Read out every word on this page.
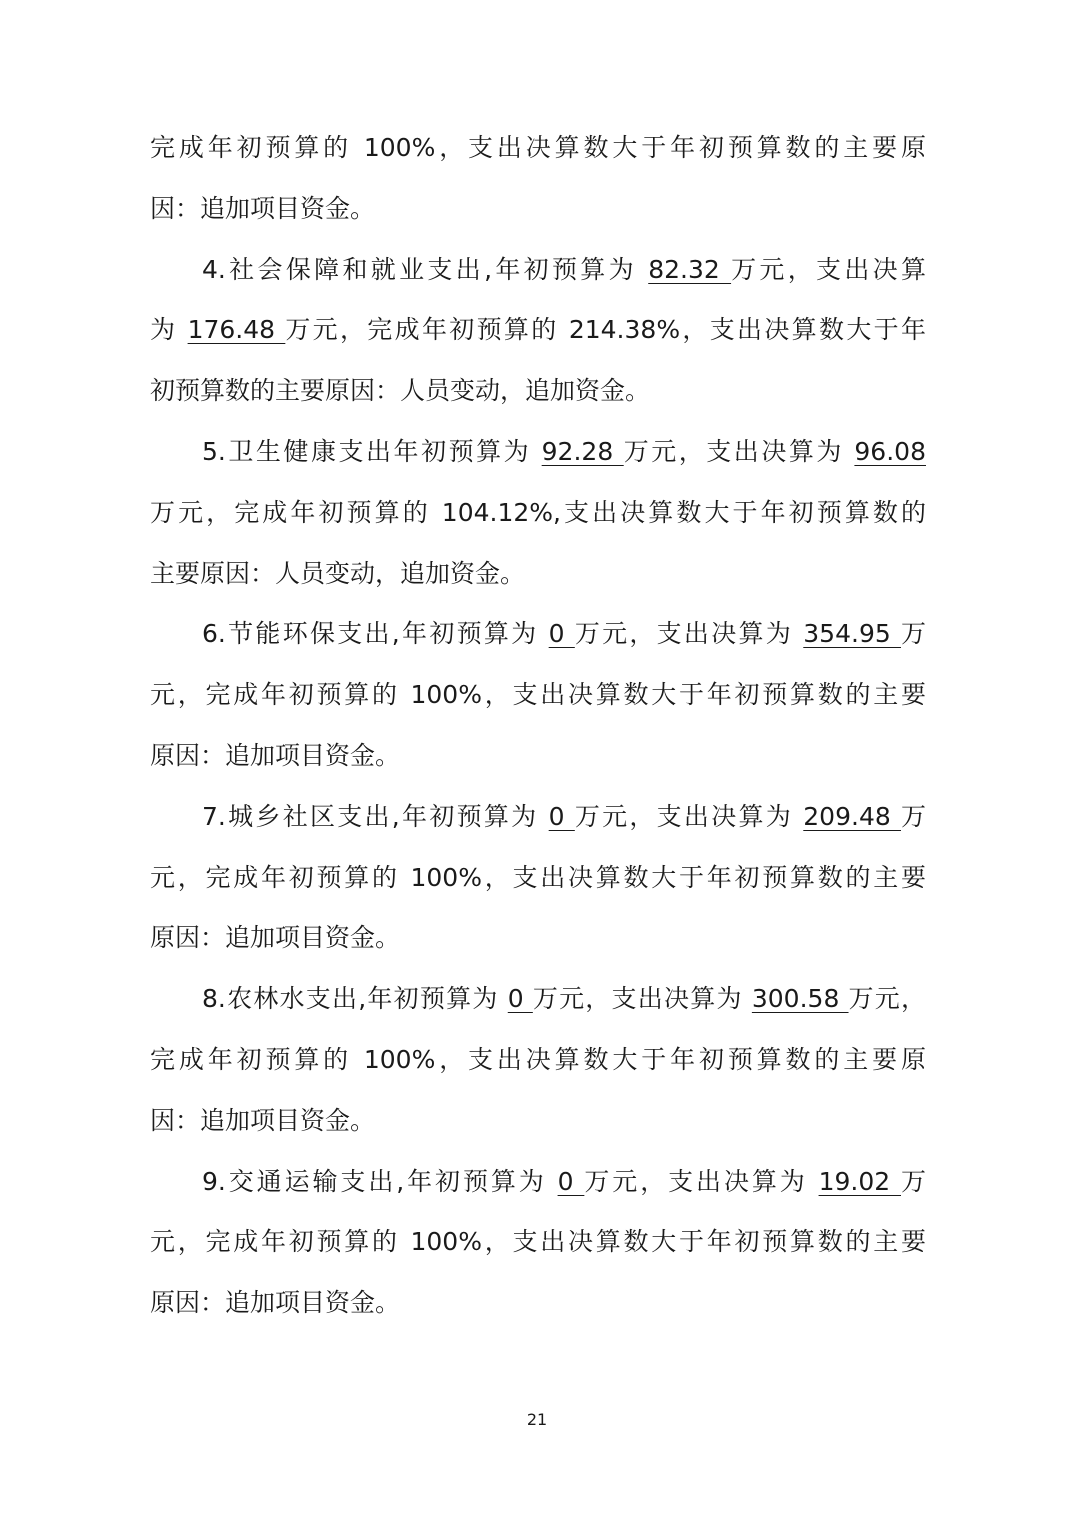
完成年初预算的 100%，支出决算数大于年初预算数的主要原
因：追加项目资金。
4.社会保障和就业支出,年初预算为 82.32 万元，支出决算
为 176.48 万元，完成年初预算的 214.38%，支出决算数大于年
初预算数的主要原因：人员变动，追加资金。
5.卫生健康支出年初预算为 92.28 万元，支出决算为 96.08
万元，完成年初预算的 104.12%,支出决算数大于年初预算数的
主要原因：人员变动，追加资金。
6.节能环保支出,年初预算为 0 万元，支出决算为 354.95 万
元，完成年初预算的 100%，支出决算数大于年初预算数的主要
原因：追加项目资金。
7.城乡社区支出,年初预算为 0 万元，支出决算为 209.48 万
元，完成年初预算的 100%，支出决算数大于年初预算数的主要
原因：追加项目资金。
8.农林水支出,年初预算为 0 万元，支出决算为 300.58 万元，
完成年初预算的 100%，支出决算数大于年初预算数的主要原
因：追加项目资金。
9.交通运输支出,年初预算为 0 万元，支出决算为 19.02 万
元，完成年初预算的 100%，支出决算数大于年初预算数的主要
原因：追加项目资金。
21
